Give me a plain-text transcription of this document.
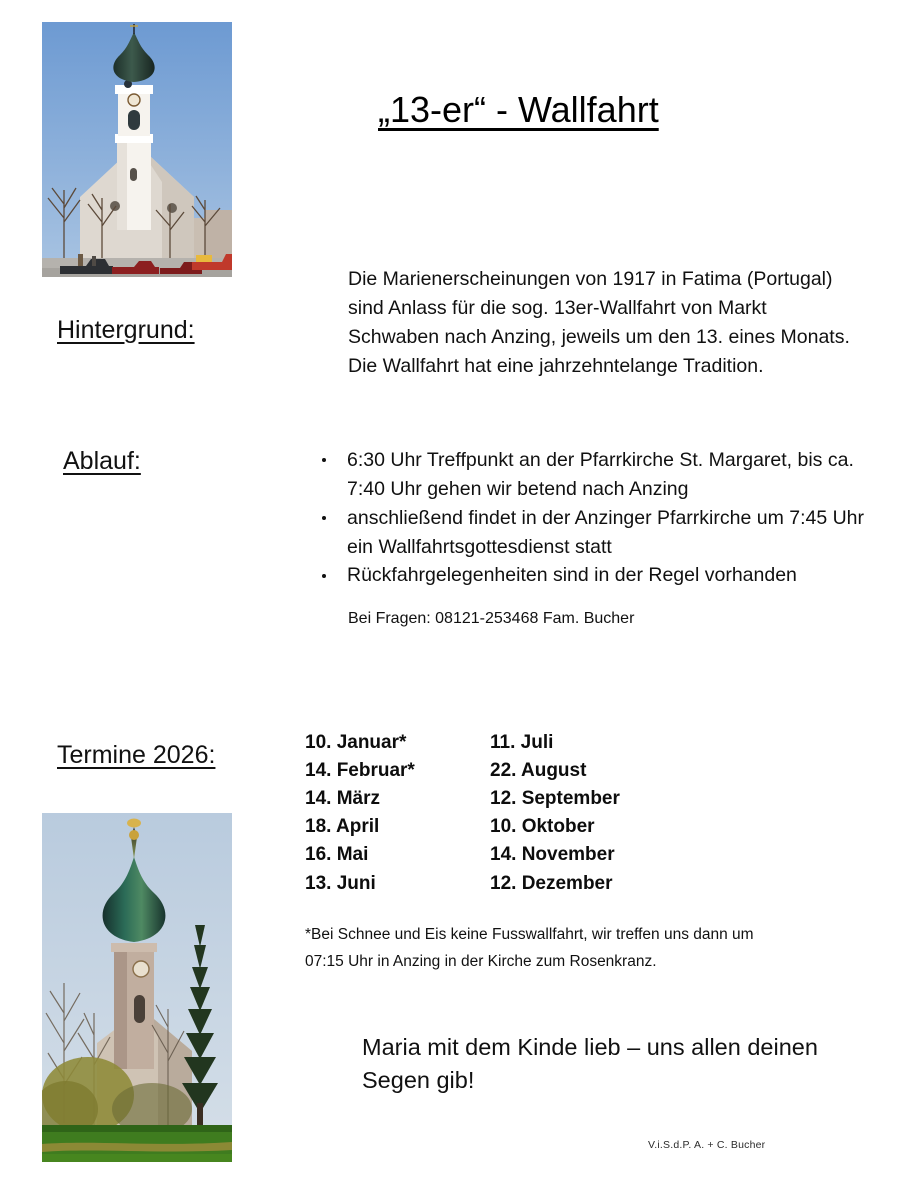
„13-er“ - Wallfahrt
Hintergrund:
Die Marienerscheinungen von 1917 in Fatima (Portugal) sind Anlass für die sog. 13er-Wallfahrt von Markt Schwaben nach Anzing, jeweils um den 13. eines Monats. Die Wallfahrt hat eine jahrzehntelange Tradition.
Ablauf:	6:30 Uhr Treffpunkt an der Pfarrkirche St. Margaret, bis ca. 7:40 Uhr gehen wir betend nach Anzing
anschließend findet in der Anzinger Pfarrkirche um 7:45 Uhr ein Wallfahrtsgottesdienst statt
Rückfahrgelegenheiten sind in der Regel vorhanden
Bei Fragen: 08121-253468 Fam. Bucher
Termine 2026:	10. Januar*	11. Juli
14. Februar*	22. August
14. März	12. September
18. April	10. Oktober
16. Mai	14. November
13. Juni	12. Dezember
*Bei Schnee und Eis keine Fusswallfahrt, wir treffen uns dann um
07:15 Uhr in Anzing in der Kirche zum Rosenkranz.
Maria mit dem Kinde lieb – uns allen deinen Segen gib!
V.i.S.d.P. A. + C. Bucher
